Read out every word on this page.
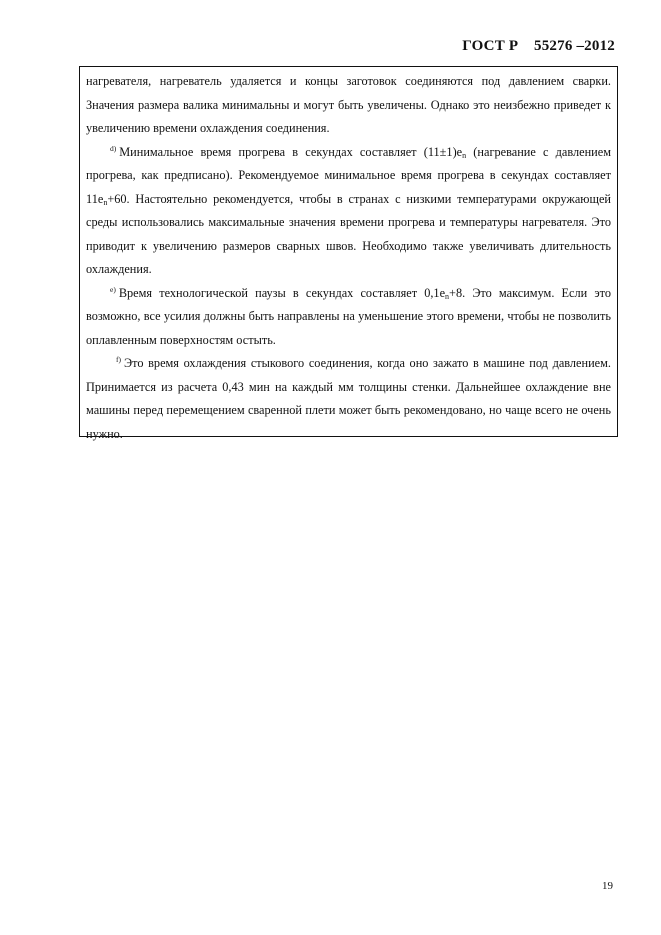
ГОСТ Р    55276 –2012

нагревателя, нагреватель удаляется и концы заготовок соединяются под давлением сварки. Значения размера валика минимальны и могут быть увеличены. Однако это неизбежно приведет к увеличению времени охлаждения соединения.

$^{d)}$ Минимальное время прогрева в секундах составляет $(11\pm 1)e_n$ (нагревание с давлением прогрева, как предписано). Рекомендуемое минимальное время прогрева в секундах составляет $11e_n+60$. Настоятельно рекомендуется, чтобы в странах с низкими температурами окружающей среды использовались максимальные значения времени прогрева и температуры нагревателя. Это приводит к увеличению размеров сварных швов. Необходимо также увеличивать длительность охлаждения.

$^{e)}$ Время технологической паузы в секундах составляет $0,1e_n+8$. Это максимум. Если это возможно, все усилия должны быть направлены на уменьшение этого времени, чтобы не позволить оплавленным поверхностям остыть.

$^{f)}$ Это время охлаждения стыкового соединения, когда оно зажато в машине под давлением. Принимается из расчета 0,43 мин на каждый мм толщины стенки. Дальнейшее охлаждение вне машины перед перемещением сваренной плети может быть рекомендовано, но чаще всего не очень нужно.

19
